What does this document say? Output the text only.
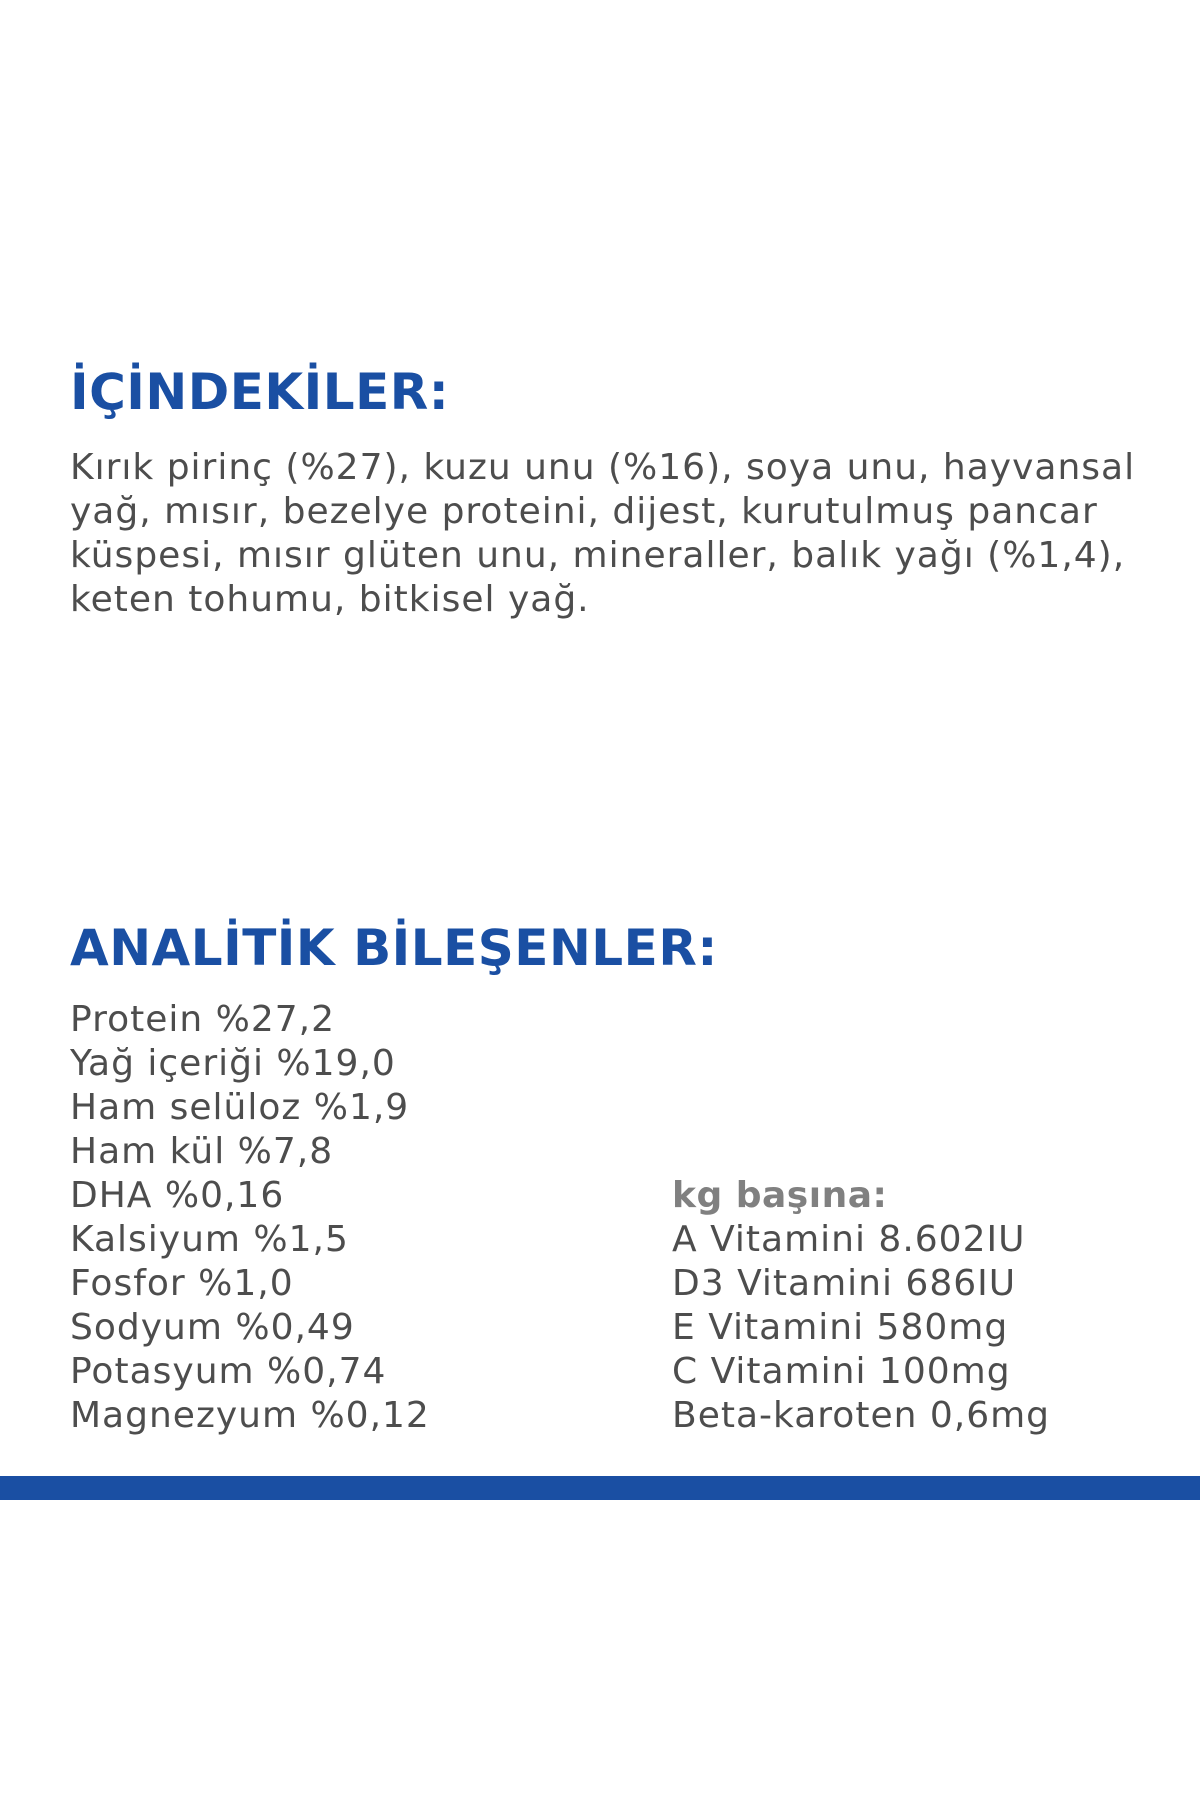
İÇİNDEKİLER:

Kırık pirinç (%27), kuzu unu (%16), soya unu, hayvansal yağ, mısır, bezelye proteini, dijest, kurutulmuş pancar küspesi, mısır glüten unu, mineraller, balık yağı (%1,4), keten tohumu, bitkisel yağ.

ANALİTİK BİLEŞENLER:
Protein %27,2
Yağ içeriği %19,0
Ham selüloz %1,9
Ham kül %7,8
DHA %0,16
Kalsiyum %1,5
Fosfor %1,0
Sodyum %0,49
Potasyum %0,74
Magnezyum %0,12
kg başına:
A Vitamini 8.602IU
D3 Vitamini 686IU
E Vitamini 580mg
C Vitamini 100mg
Beta-karoten 0,6mg
